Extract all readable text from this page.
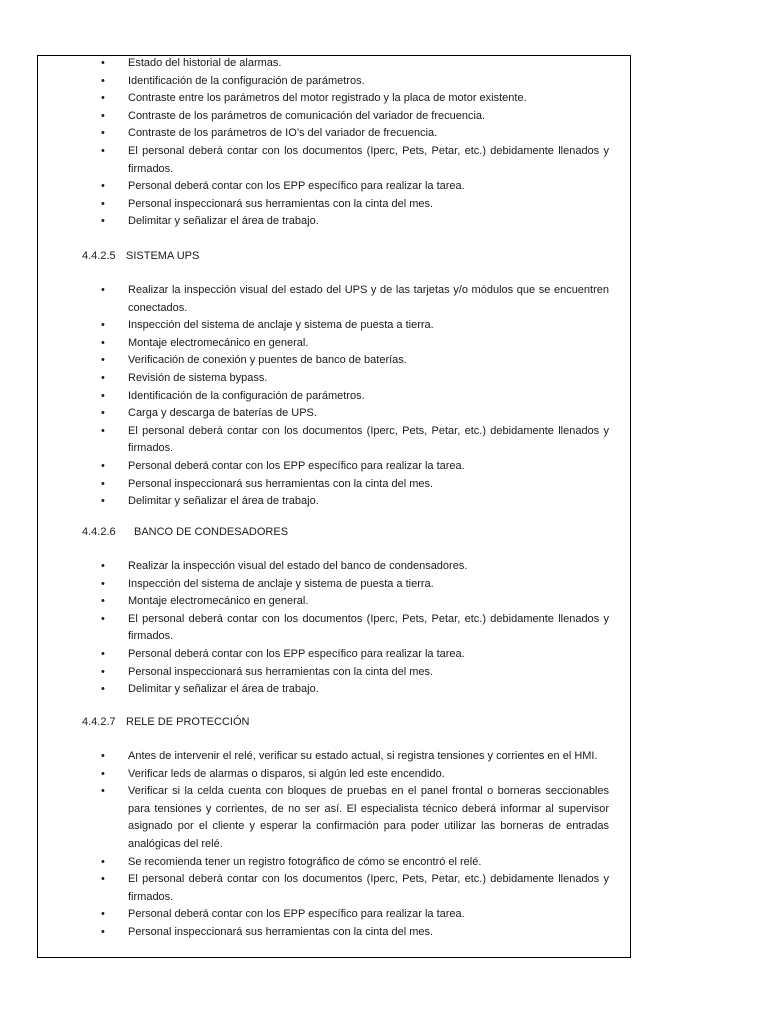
•	Estado del historial de alarmas.
•	Identificación de la configuración de parámetros.
•	Contraste entre los parámetros del motor registrado y la placa de motor existente.
•	Contraste de los parámetros de comunicación del variador de frecuencia.
•	Contraste de los parámetros de IO’s del variador de frecuencia.
•	El personal deberá contar con los documentos (Iperc, Pets, Petar, etc.) debidamente llenados y firmados.
•	Personal deberá contar con los EPP específico para realizar la tarea.
•	Personal inspeccionará sus herramientas con la cinta del mes.
•	Delimitar y señalizar el área de trabajo.
4.4.2.5 SISTEMA UPS
•	Realizar la inspección visual del estado del UPS y de las tarjetas y/o módulos que se encuentren conectados.
•	Inspección del sistema de anclaje y sistema de puesta a tierra.
•	Montaje electromecánico en general.
•	Verificación de conexión y puentes de banco de baterías.
•	Revisión de sistema bypass.
•	Identificación de la configuración de parámetros.
•	Carga y descarga de baterías de UPS.
•	El personal deberá contar con los documentos (Iperc, Pets, Petar, etc.) debidamente llenados y firmados.
•	Personal deberá contar con los EPP específico para realizar la tarea.
•	Personal inspeccionará sus herramientas con la cinta del mes.
•	Delimitar y señalizar el área de trabajo.
4.4.2.6 BANCO DE CONDESADORES
•	Realizar la inspección visual del estado del banco de condensadores.
•	Inspección del sistema de anclaje y sistema de puesta a tierra.
•	Montaje electromecánico en general.
•	El personal deberá contar con los documentos (Iperc, Pets, Petar, etc.) debidamente llenados y firmados.
•	Personal deberá contar con los EPP específico para realizar la tarea.
•	Personal inspeccionará sus herramientas con la cinta del mes.
•	Delimitar y señalizar el área de trabajo.
4.4.2.7 RELE DE PROTECCIÓN
•	Antes de intervenir el relé, verificar su estado actual, si registra tensiones y corrientes en el HMI.
•	Verificar leds de alarmas o disparos, si algún led este encendido.
•	Verificar si la celda cuenta con bloques de pruebas en el panel frontal o borneras seccionables para tensiones y corrientes, de no ser así. El especialista técnico deberá informar al supervisor asignado por el cliente y esperar la confirmación para poder utilizar las borneras de entradas analógicas del relé.
•	Se recomienda tener un registro fotográfico de cómo se encontró el relé.
•	El personal deberá contar con los documentos (Iperc, Pets, Petar, etc.) debidamente llenados y firmados.
•	Personal deberá contar con los EPP específico para realizar la tarea.
•	Personal inspeccionará sus herramientas con la cinta del mes.
